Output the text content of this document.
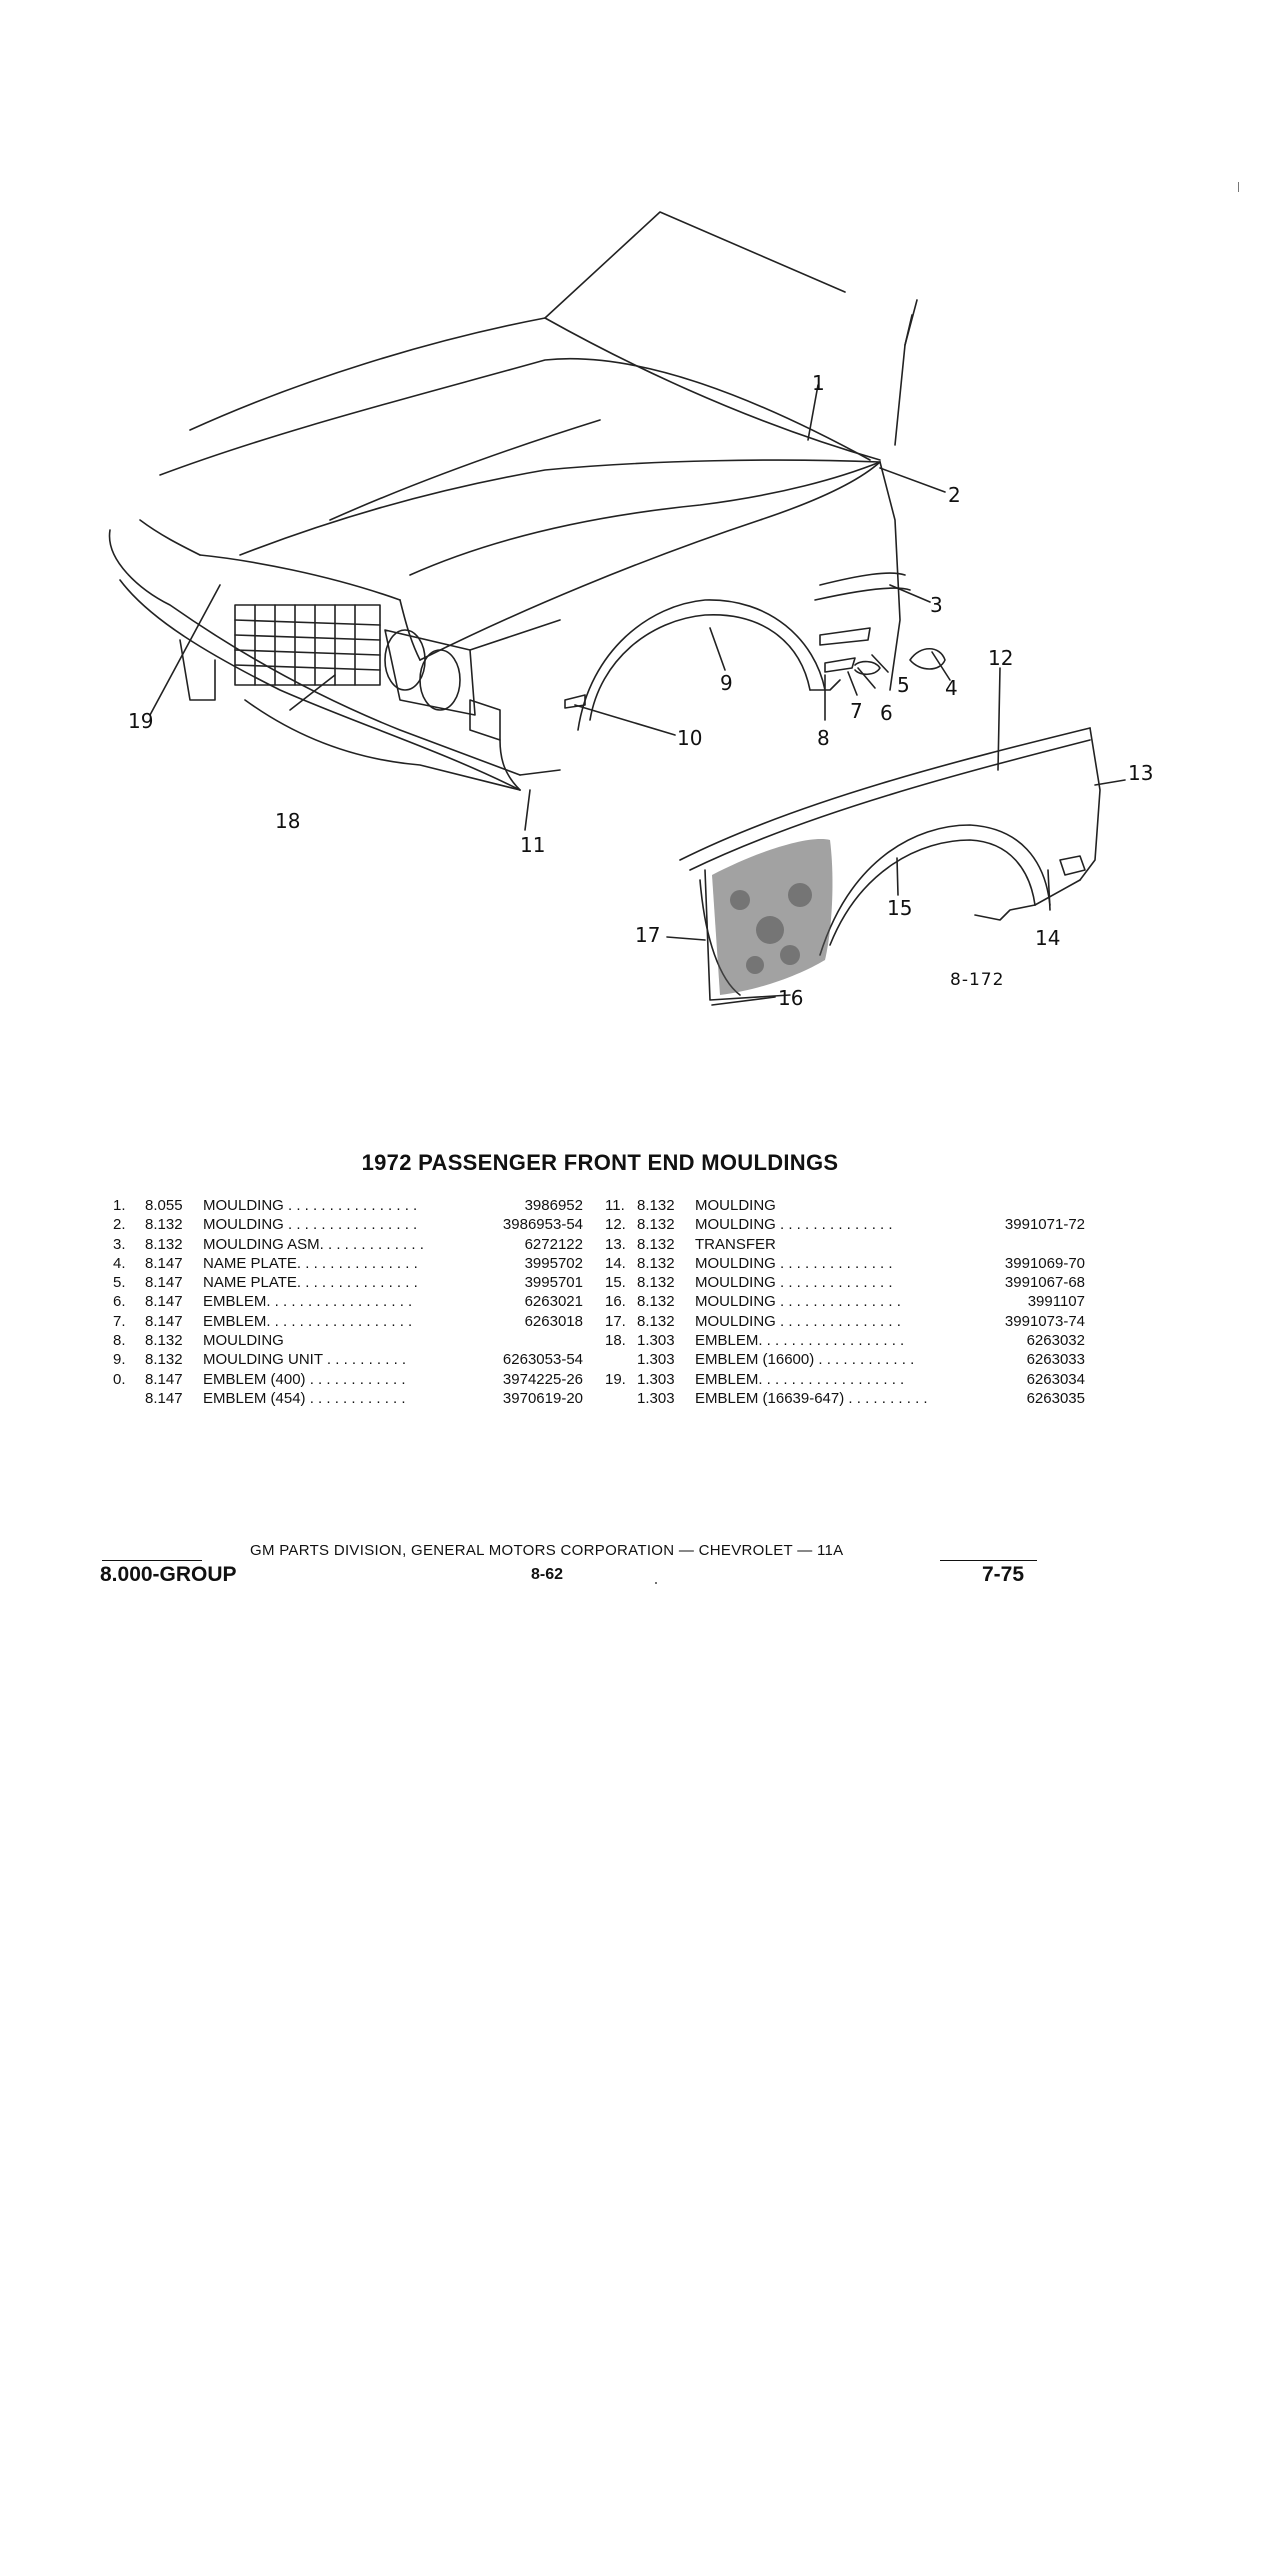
1
2
3
4
5
6
7
8
9
10
11
12
13
14
15
16
17
18
19
8-172
1972 PASSENGER FRONT END MOULDINGS
1.	8.055	MOULDING . . . . . . . . . . . . . . . .	3986952
2.	8.132	MOULDING . . . . . . . . . . . . . . . .	3986953-54
3.	8.132	MOULDING ASM. . . . . . . . . . . . .	6272122
4.	8.147	NAME PLATE. . . . . . . . . . . . . . .	3995702
5.	8.147	NAME PLATE. . . . . . . . . . . . . . .	3995701
6.	8.147	EMBLEM. . . . . . . . . . . . . . . . . .	6263021
7.	8.147	EMBLEM. . . . . . . . . . . . . . . . . .	6263018
8.	8.132	MOULDING
9.	8.132	MOULDING UNIT . . . . . . . . . .	6263053-54
0.	8.147	EMBLEM (400) . . . . . . . . . . . .	3974225-26
8.147	EMBLEM (454) . . . . . . . . . . . .	3970619-20
11. 8.132	MOULDING
12. 8.132	MOULDING . . . . . . . . . . . . . .	3991071-72
13. 8.132	TRANSFER
14. 8.132	MOULDING . . . . . . . . . . . . . .	3991069-70
15. 8.132	MOULDING . . . . . . . . . . . . . .	3991067-68
16. 8.132	MOULDING . . . . . . . . . . . . . . .	3991107
17. 8.132	MOULDING . . . . . . . . . . . . . . .	3991073-74
18. 1.303	EMBLEM. . . . . . . . . . . . . . . . . .	6263032
1.303	EMBLEM (16600) . . . . . . . . . . . .	6263033
19. 1.303	EMBLEM. . . . . . . . . . . . . . . . . .	6263034
1.303	EMBLEM (16639-647) . . . . . . . . . .	6263035
GM PARTS DIVISION, GENERAL MOTORS CORPORATION — CHEVROLET — 11A
8.000-GROUP	8-62	7-75
